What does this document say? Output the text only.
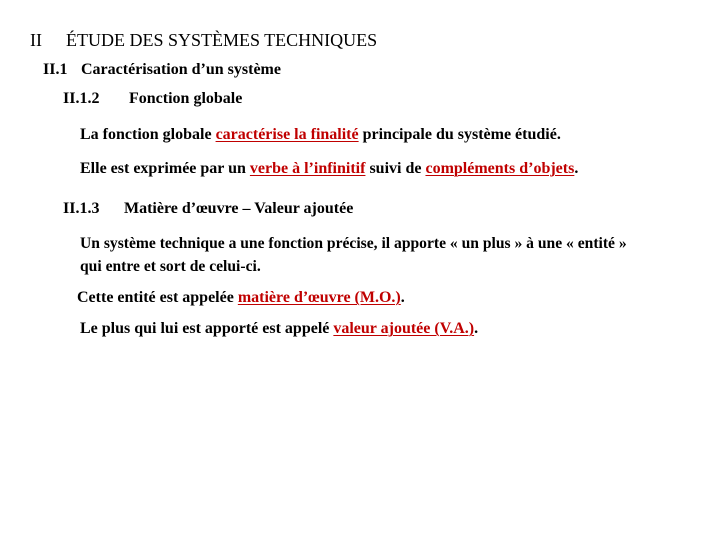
II ÉTUDE DES SYSTÈMES TECHNIQUES
II.1 Caractérisation d’un système
II.1.2 Fonction globale
La fonction globale caractérise la finalité principale du système étudié.
Elle est exprimée par un verbe à l’infinitif suivi de compléments d’objets.
II.1.3 Matière d’œuvre – Valeur ajoutée
Un système technique a une fonction précise, il apporte « un plus » à une « entité »
qui entre et sort de celui-ci.
Cette entité est appelée matière d’œuvre (M.O.).
Le plus qui lui est apporté est appelé valeur ajoutée (V.A.).
